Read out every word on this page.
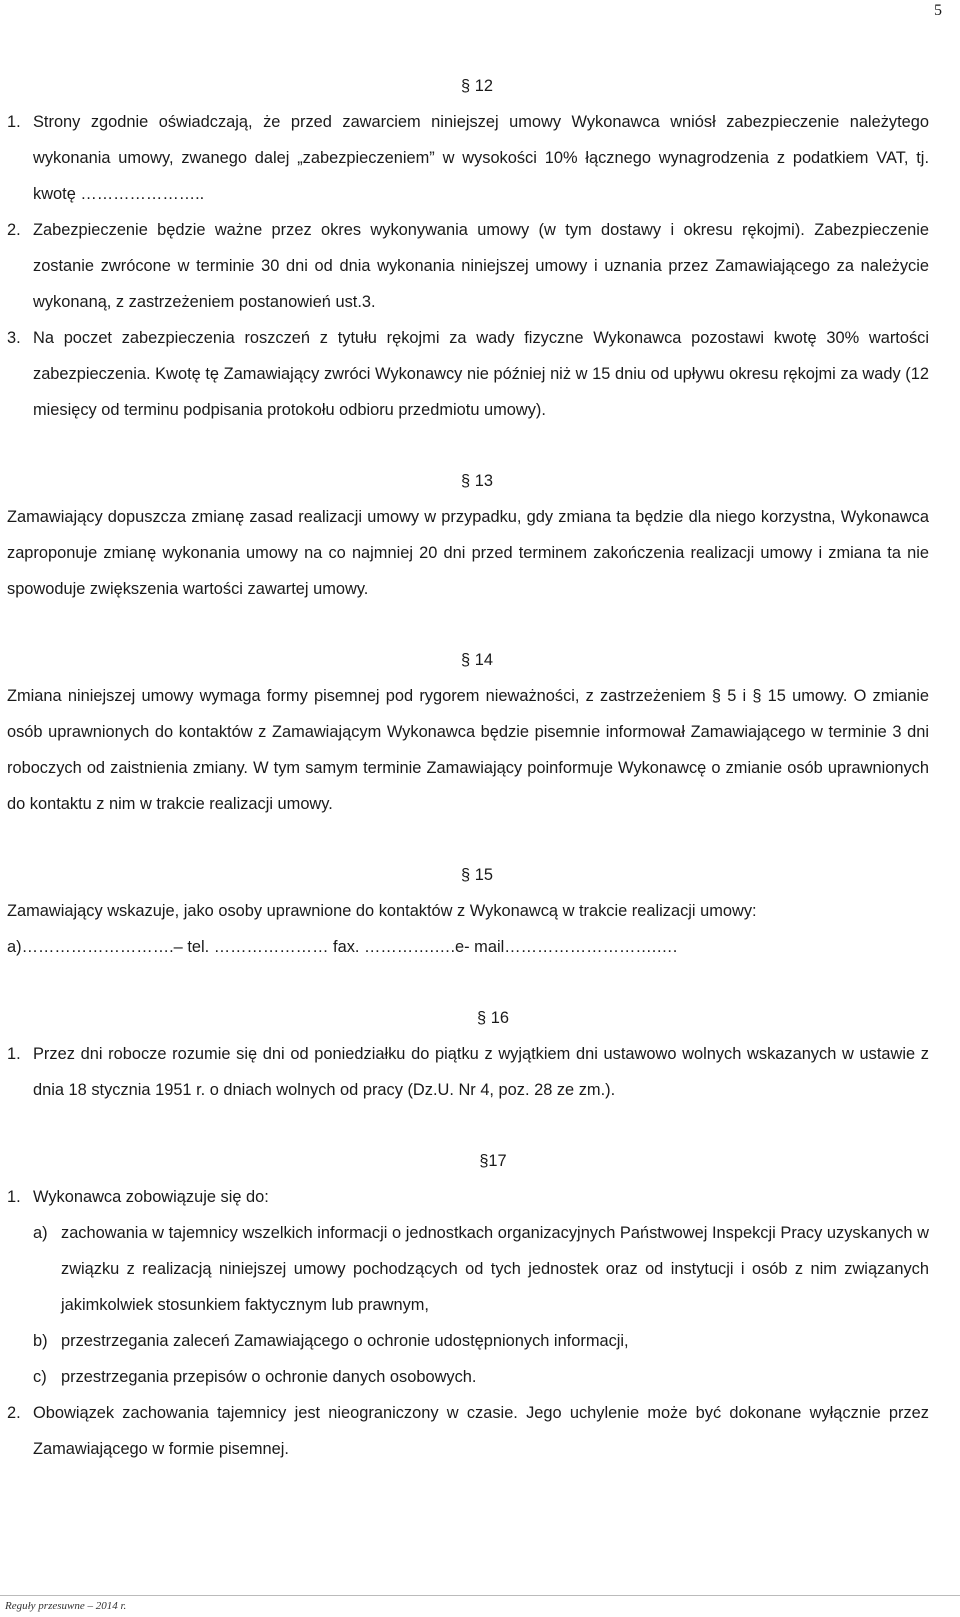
5
§ 12
1. Strony zgodnie oświadczają, że przed zawarciem niniejszej umowy Wykonawca wniósł zabezpieczenie należytego wykonania umowy, zwanego dalej „zabezpieczeniem” w wysokości 10% łącznego wynagrodzenia z podatkiem VAT, tj. kwotę …………………..
2. Zabezpieczenie będzie ważne przez okres wykonywania umowy (w tym dostawy i okresu rękojmi). Zabezpieczenie zostanie zwrócone w terminie 30 dni od dnia wykonania niniejszej umowy i uznania przez Zamawiającego za należycie wykonaną, z zastrzeżeniem postanowień ust.3.
3. Na poczet zabezpieczenia roszczeń z tytułu rękojmi za wady fizyczne Wykonawca pozostawi kwotę 30% wartości zabezpieczenia. Kwotę tę Zamawiający zwróci Wykonawcy nie później niż w 15 dniu od upływu okresu rękojmi za wady (12 miesięcy od terminu podpisania protokołu odbioru przedmiotu umowy).
§ 13

Zamawiający dopuszcza zmianę zasad realizacji umowy w przypadku, gdy zmiana ta będzie dla niego korzystna, Wykonawca zaproponuje zmianę wykonania umowy na co najmniej 20 dni przed terminem zakończenia realizacji umowy i zmiana ta nie spowoduje zwiększenia wartości zawartej umowy.

§ 14

Zmiana niniejszej umowy wymaga formy pisemnej pod rygorem nieważności, z zastrzeżeniem § 5 i § 15 umowy. O zmianie osób uprawnionych do kontaktów z Zamawiającym Wykonawca będzie pisemnie informował Zamawiającego w terminie 3 dni roboczych od zaistnienia zmiany. W tym samym terminie Zamawiający poinformuje Wykonawcę o zmianie osób uprawnionych do kontaktu z nim w trakcie realizacji umowy.

§ 15

Zamawiający wskazuje, jako osoby uprawnione do kontaktów z Wykonawcą w trakcie realizacji umowy:

a)……………………….– tel. ………………… fax. ………….….e- mail……………………….….

§ 16
1. Przez dni robocze rozumie się dni od poniedziałku do piątku z wyjątkiem dni ustawowo wolnych wskazanych w ustawie z dnia 18 stycznia 1951 r. o dniach wolnych od pracy (Dz.U. Nr 4, poz. 28 ze zm.).
§17
1. Wykonawca zobowiązuje się do:
a) zachowania w tajemnicy wszelkich informacji o jednostkach organizacyjnych Państwowej Inspekcji Pracy uzyskanych w związku z realizacją niniejszej umowy pochodzących od tych jednostek oraz od instytucji i osób z nim związanych jakimkolwiek stosunkiem faktycznym lub prawnym,
b) przestrzegania zaleceń Zamawiającego o ochronie udostępnionych informacji,
c) przestrzegania przepisów o ochronie danych osobowych.
2. Obowiązek zachowania tajemnicy jest nieograniczony w czasie. Jego uchylenie może być dokonane wyłącznie przez Zamawiającego w formie pisemnej.
Reguły przesuwne – 2014 r.
